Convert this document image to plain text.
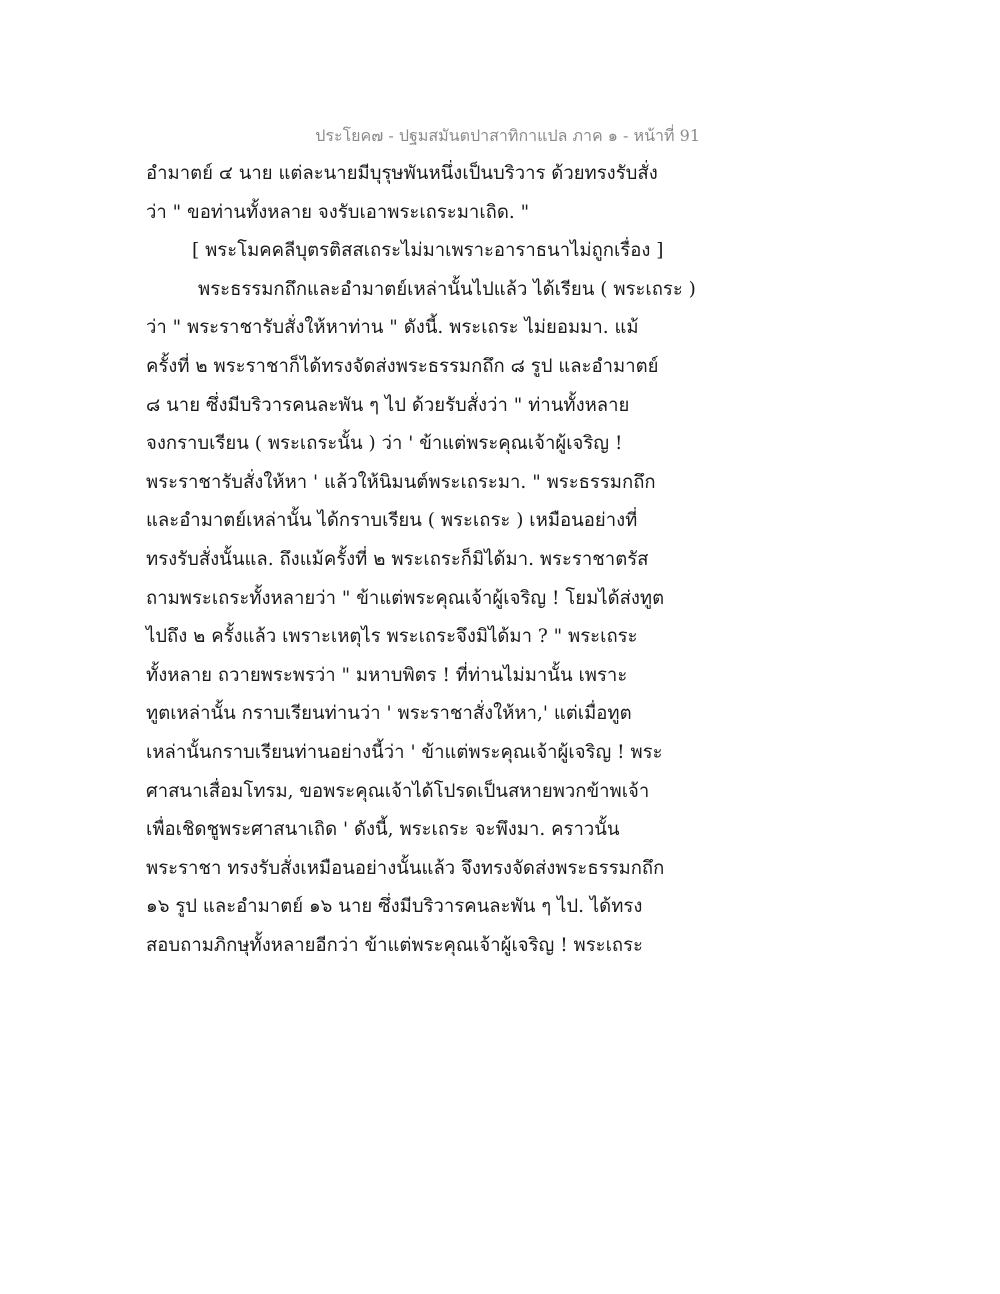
ประโยค๗ - ปฐมสมันตปาสาทิกาแปล ภาค ๑ - หน้าที่ 91
อำมาตย์ ๔ นาย แต่ละนายมีบุรุษพันหนึ่งเป็นบริวาร ด้วยทรงรับสั่ง
ว่า " ขอท่านทั้งหลาย จงรับเอาพระเถระมาเถิด. "
[ พระโมคคลีบุตรติสสเถระไม่มาเพราะอาราธนาไม่ถูกเรื่อง ]
พระธรรมกถึกและอำมาตย์เหล่านั้นไปแล้ว ได้เรียน ( พระเถระ )
ว่า " พระราชารับสั่งให้หาท่าน " ดังนี้. พระเถระ ไม่ยอมมา. แม้
ครั้งที่ ๒ พระราชาก็ได้ทรงจัดส่งพระธรรมกถึก ๘ รูป และอำมาตย์
๘ นาย ซึ่งมีบริวารคนละพัน ๆ ไป ด้วยรับสั่งว่า " ท่านทั้งหลาย
จงกราบเรียน ( พระเถระนั้น ) ว่า ' ข้าแต่พระคุณเจ้าผู้เจริญ !
พระราชารับสั่งให้หา ' แล้วให้นิมนต์พระเถระมา. " พระธรรมกถึก
และอำมาตย์เหล่านั้น ได้กราบเรียน ( พระเถระ ) เหมือนอย่างที่
ทรงรับสั่งนั้นแล. ถึงแม้ครั้งที่ ๒ พระเถระก็มิได้มา. พระราชาตรัส
ถามพระเถระทั้งหลายว่า " ข้าแต่พระคุณเจ้าผู้เจริญ ! โยมได้ส่งทูต
ไปถึง ๒ ครั้งแล้ว เพราะเหตุไร พระเถระจึงมิได้มา ? " พระเถระ
ทั้งหลาย ถวายพระพรว่า " มหาบพิตร ! ที่ท่านไม่มานั้น เพราะ
ทูตเหล่านั้น กราบเรียนท่านว่า ' พระราชาสั่งให้หา,' แต่เมื่อทูต
เหล่านั้นกราบเรียนท่านอย่างนี้ว่า ' ข้าแต่พระคุณเจ้าผู้เจริญ ! พระ
ศาสนาเสื่อมโทรม, ขอพระคุณเจ้าได้โปรดเป็นสหายพวกข้าพเจ้า
เพื่อเชิดชูพระศาสนาเถิด ' ดังนี้, พระเถระ จะพึงมา. คราวนั้น
พระราชา ทรงรับสั่งเหมือนอย่างนั้นแล้ว จึงทรงจัดส่งพระธรรมกถึก
๑๖ รูป และอำมาตย์ ๑๖ นาย ซึ่งมีบริวารคนละพัน ๆ ไป. ได้ทรง
สอบถามภิกษุทั้งหลายอีกว่า ข้าแต่พระคุณเจ้าผู้เจริญ ! พระเถระ
